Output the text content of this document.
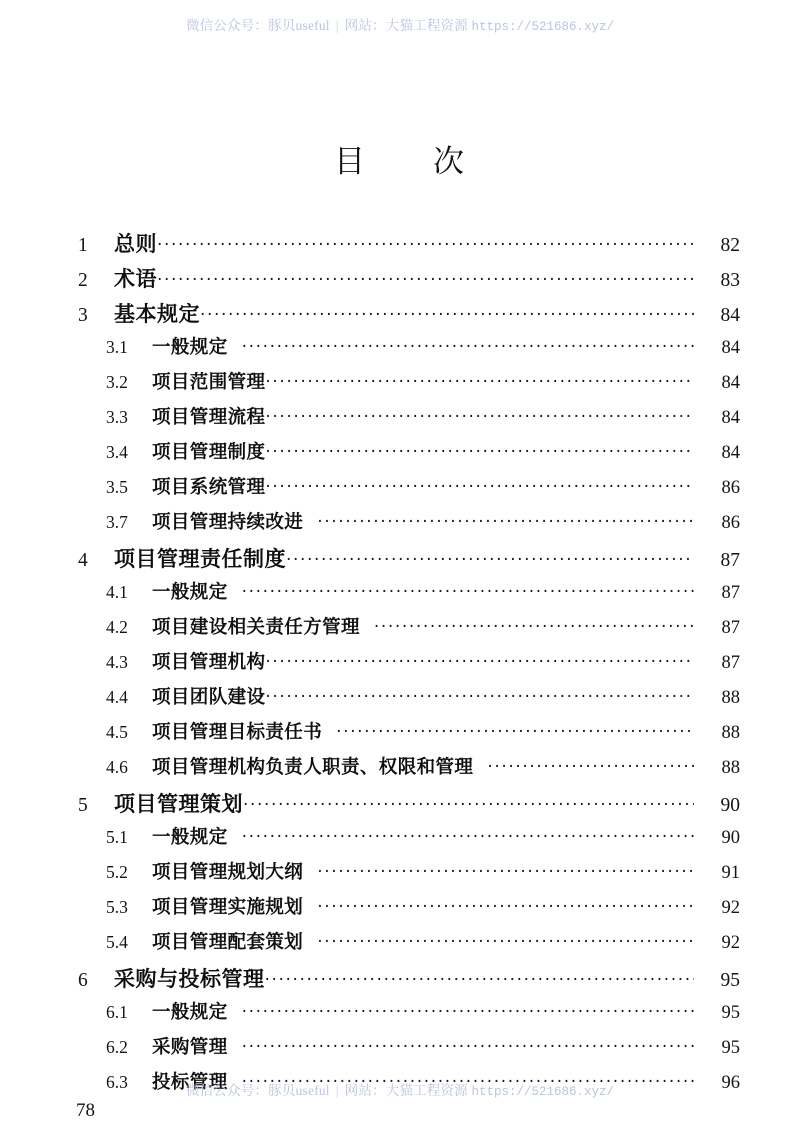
微信公众号：豚贝useful | 网站：大猫工程资源 https://521686.xyz/
目　　次
1	总则 ·····	82
2	术语 ·····	83
3	基本规定 ·····	84
3.1	一般规定 ·····	84
3.2	项目范围管理 ·····	84
3.3	项目管理流程 ·····	84
3.4	项目管理制度 ·····	84
3.5	项目系统管理 ·····	86
3.7	项目管理持续改进 ·····	86
4	项目管理责任制度 ·····	87
4.1	一般规定 ·····	87
4.2	项目建设相关责任方管理 ·····	87
4.3	项目管理机构 ·····	87
4.4	项目团队建设 ·····	88
4.5	项目管理目标责任书 ·····	88
4.6	项目管理机构负责人职责、权限和管理 ·····	88
5	项目管理策划 ·····	90
5.1	一般规定 ·····	90
5.2	项目管理规划大纲 ·····	91
5.3	项目管理实施规划 ·····	92
5.4	项目管理配套策划 ·····	92
6	采购与投标管理 ·····	95
6.1	一般规定 ·····	95
6.2	采购管理 ·····	95
6.3	投标管理 ·····	96
78
微信公众号：豚贝useful | 网站：大猫工程资源 https://521686.xyz/
